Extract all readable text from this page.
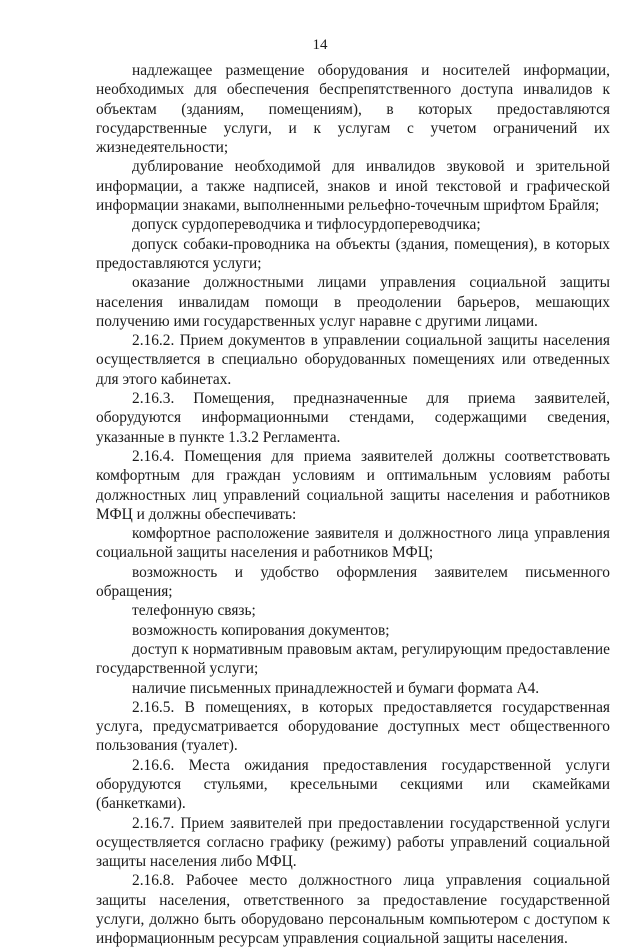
14

надлежащее размещение оборудования и носителей информации, необходимых для обеспечения беспрепятственного доступа инвалидов к объектам (зданиям, помещениям), в которых предоставляются государственные услуги, и к услугам с учетом ограничений их жизнедеятельности;

дублирование необходимой для инвалидов звуковой и зрительной информации, а также надписей, знаков и иной текстовой и графической информации знаками, выполненными рельефно-точечным шрифтом Брайля;

допуск сурдопереводчика и тифлосурдопереводчика;

допуск собаки-проводника на объекты (здания, помещения), в которых предоставляются услуги;

оказание должностными лицами управления социальной защиты населения инвалидам помощи в преодолении барьеров, мешающих получению ими государственных услуг наравне с другими лицами.

2.16.2. Прием документов в управлении социальной защиты населения осуществляется в специально оборудованных помещениях или отведенных для этого кабинетах.

2.16.3. Помещения, предназначенные для приема заявителей, оборудуются информационными стендами, содержащими сведения, указанные в пункте 1.3.2 Регламента.

2.16.4. Помещения для приема заявителей должны соответствовать комфортным для граждан условиям и оптимальным условиям работы должностных лиц управлений социальной защиты населения и работников МФЦ и должны обеспечивать:

комфортное расположение заявителя и должностного лица управления социальной защиты населения и работников МФЦ;

возможность и удобство оформления заявителем письменного обращения;

телефонную связь;

возможность копирования документов;

доступ к нормативным правовым актам, регулирующим предоставление государственной услуги;

наличие письменных принадлежностей и бумаги формата А4.

2.16.5. В помещениях, в которых предоставляется государственная услуга, предусматривается оборудование доступных мест общественного пользования (туалет).

2.16.6. Места ожидания предоставления государственной услуги оборудуются стульями, кресельными секциями или скамейками (банкетками).

2.16.7. Прием заявителей при предоставлении государственной услуги осуществляется согласно графику (режиму) работы управлений социальной защиты населения либо МФЦ.

2.16.8. Рабочее место должностного лица управления социальной защиты населения, ответственного за предоставление государственной услуги, должно быть оборудовано персональным компьютером с доступом к информационным ресурсам управления социальной защиты населения.
